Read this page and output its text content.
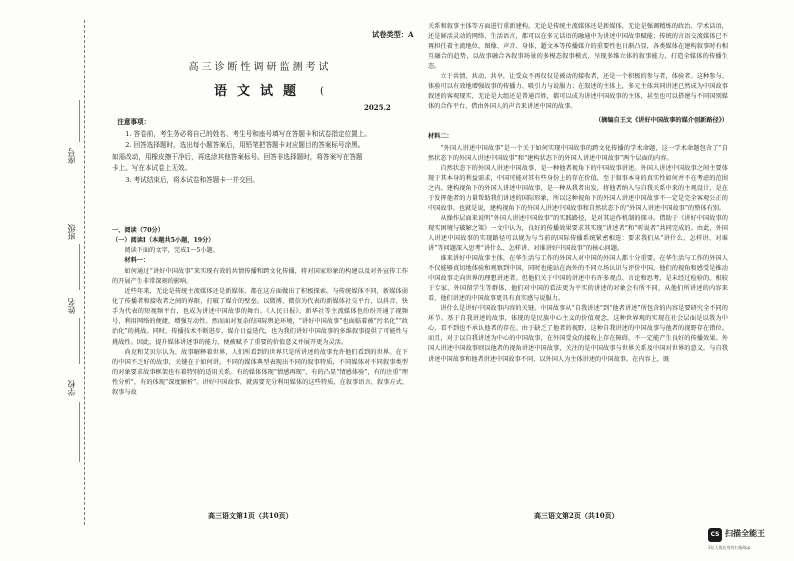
座号
班级
姓名
学校
试卷类型：A
高三诊断性调研监测考试
语文试题	(
2025.2
注意事项：

1. 答卷前，考生务必将自己的姓名、考生号和座号填写在答题卡和试卷指定位置上。

2. 回答选择题时，选出每小题答案后，用铅笔把答题卡对应题目的答案标号涂黑。

如需改动，用橡皮擦干净后，再选涂其他答案标号。回答非选择题时，将答案写在答题

卡上。写在本试卷上无效。

3. 考试结束后，将本试卷和答题卡一并交回。

一、阅读（70分）
（一）阅读Ⅰ（本题共5小题，19分）
阅读下面的文字，完成1～5小题。
材料一：
如何通过“讲好中国故事”来实现有效的共情传播和跨文化传播，将对国家形象的构建以及对外宣传工作的开展产生非常深刻的影响。
近些年来，无论是传统主流媒体还是新媒体，都在这方面做出了积极探索。与传统媒体不同，新媒体弱化了传播者和接收者之间的界限，打破了媒介的壁垒。以微博、微信为代表的新媒体社交平台，以抖音、快手为代表的短视频平台，也成为讲述中国故事的舞台。《人民日报》、新华社等主流媒体也纷纷开通了视频号，利用网络的便捷，增强互动性。然而面对复杂的国际舆论环境，“讲好中国故事”也面临着被“污名化”“政治化”的挑战。同时，传播技术不断进步，媒介日益迭代，也为我们讲好中国故事的多维叙事提供了可能性与挑战性。因此，提升媒体讲述事的能力，便被赋予了重要的价值意义并展开更为灵活。
尚克和艾贝尔认为，故事解释着世界，人们所看到的世界只是所讲述的故事允许他们看到的世界。在下的中国不乏好的故事，关键在于如何讲。不同的媒体典型表现出不同的叙事特质，不同媒体对不同叙事类型的对象要求故事框架也有着特别的适用关系。有的媒体体现“情感再现”，有的凸显“情感体验”，有的注重“理性分析”，有的体现“深度解析”。讲好中国故事，就需要充分利用媒体的这些特质，在叙事语言、叙事方式、叙事与故
关系和叙事主体等方面进行重新建构。无论是传统主流媒体还是新媒体，无论是强调精炼的政治、学术话语，还是鲜活灵动的网络、生活语言，都可以在多元话语的融通中为讲述中国故事赋能；传统的言语交流媒体已不再担任着主流地位，图像、声音、身体、超文本等传播媒介的重要性也日渐凸显，各类媒体在建构叙事时有相互融合的趋势，以故事融合各叙事场景的多模态叙事模式，呈现多维立体的叙事能力，打造全媒体的传播生态。
立于共情、共动、共享，让受众不再仅仅是被动的接收者，还是一个积极的参与者，体验者。这种参与、体验可以有效地增强故事的传播力、吸引力与说服力；在叙述的主体上，多元主体共同讲述已然成为中国故事叙述的客观现实，无论是大组还是普通百姓，都可以成为讲述中国故事的主体，甚至也可以搭建与不同国别媒体的合作平台，借由外国人的声音来讲述中国的故事。
（摘编自王文《讲好中国故事的媒介创新路径》）
材料二：
“外国人讲述中国故事”是一个关于如何实现中国故事的跨文化传播的学术命题，这一学术命题包含了“自然状态下的外国人讲述中国故事”和“建构状态下的外国人讲述中国故事”两个层面的内容。
自然状态下的外国人讲述中国故事，是一种他者视角下的中国故事讲述。外国人讲述中国故事之间主要体现于其本身的利益需求，中国可能对其有些身份上的存在价值，至于叙事本身的真实性如何并不在考虑的范围之内。建构视角下的外国人讲述中国故事，是一种从我者出发，将他者纳入与自我关系中来的主观设计，是在于发挥他者的力量帮助我们讲述的国际形象，所以这种视角下的外国人讲述中国故事不一定是完全客观公正的中国故事。也就是说，建构视角下的外国人讲述中国故事和自然状态下的“外国人讲述中国故事”的整体有别。
从操作层面来说明“外国人讲述中国故事”的实践路径，是对其运作机制的探寻。借助于《讲好中国故事的现实困境与破解之策》一文中认为，良好的传播效果要求其实现“讲述者”和“听说者”共同完成的。由此，外国人讲述中国故事的实现路径可以规为与当前的国际传播系统紧密相连：要求我们从“讲什么、怎样讲、对谁讲”等问题深入思考“讲什么、怎样讲、对谁讲好中国故事”的核心问题。
谁来讲好中国故事主体，在华生活与工作的外国人对中国的外国人都十分重要。在华生活与工作的外国人不仅能够真切地体验和观察到中国，同时也能站在海外的不同立场认识与评价中国，他们的视角和感受是推动中国故事走向世界的理想讲述者。但他们关于中国的讲述中有许多观点、言论和思考，是未经过检验的。相较于专家、外国留学生等群体，他们对中国的看法更为平实的讲述的对象会有所不同，从他们所讲述的内容来看，他们讲述的中国故事更具有真实感与说服力。
讲什么是讲好中国故事内容的关键。中国故事从“自我讲述”到“他者讲述”所包含的内容是要研究全不同的环节。基于自我讲述的故事，体现的是民族中心主义的价值观念，这种世界观的实现在社会层面是以我为中心，看不到也不承认他者的存在。由于缺乏了他者的视野，这种自我讲述的中国故事与他者的视野存在错位。而且，对于以自我讲述为中心的中国故事，在外国受众的接收上存在障碍，不一定能产生良好的传播效果。外国人讲述中国故事则以他者的视角讲述中国故事，关注的是中国故事与世界关系及中国对世界的意义。与自我讲述中国故事和他者讲述中国故事不同，以外国人为主体讲述的中国故事，在内容上，既
高三语文第1页（共10页）	高三语文第2页（共10页）
CS 扫描全能王
3亿人都在用的扫描App
